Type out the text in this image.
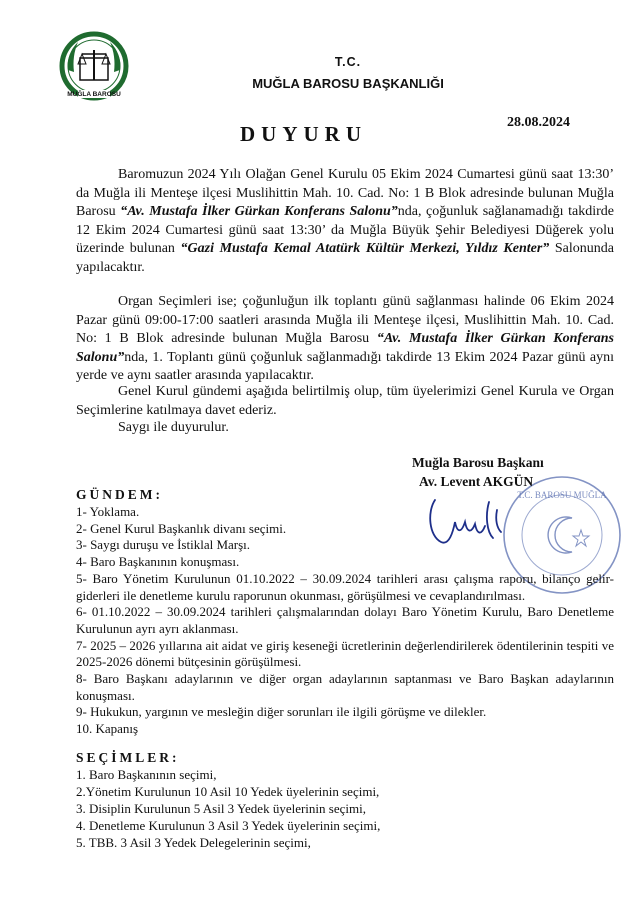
MUĞLA BAROSU
T.C.
MUĞLA BAROSU BAŞKANLIĞI
28.08.2024
DUYURU
Baromuzun 2024 Yılı Olağan Genel Kurulu 05 Ekim 2024 Cumartesi günü saat 13:30’ da Muğla ili Menteşe ilçesi Muslihittin Mah. 10. Cad. No: 1 B Blok adresinde bulunan Muğla Barosu “Av. Mustafa İlker Gürkan Konferans Salonu”nda, çoğunluk sağlanamadığı takdirde 12 Ekim 2024 Cumartesi günü saat 13:30’ da Muğla Büyük Şehir Belediyesi Düğerek yolu üzerinde bulunan “Gazi Mustafa Kemal Atatürk Kültür Merkezi, Yıldız Kenter” Salonunda yapılacaktır.
Organ Seçimleri ise; çoğunluğun ilk toplantı günü sağlanması halinde 06 Ekim 2024 Pazar günü 09:00-17:00 saatleri arasında Muğla ili Menteşe ilçesi, Muslihittin Mah. 10. Cad. No: 1 B Blok adresinde bulunan Muğla Barosu “Av. Mustafa İlker Gürkan Konferans Salonu”nda, 1. Toplantı günü çoğunluk sağlanmadığı takdirde 13 Ekim 2024 Pazar günü aynı yerde ve aynı saatler arasında yapılacaktır.
Genel Kurul gündemi aşağıda belirtilmiş olup, tüm üyelerimizi Genel Kurula ve Organ Seçimlerine katılmaya davet ederiz.
Saygı ile duyurulur.
T.C. BAROSU MUĞLA
Muğla Barosu Başkanı
Av. Levent AKGÜN
GÜNDEM:
1- Yoklama.
2- Genel Kurul Başkanlık divanı seçimi.
3- Saygı duruşu ve İstiklal Marşı.
4- Baro Başkanının konuşması.
5- Baro Yönetim Kurulunun 01.10.2022 – 30.09.2024 tarihleri arası çalışma raporu, bilanço gelir-giderleri ile denetleme kurulu raporunun okunması, görüşülmesi ve cevaplandırılması.
6- 01.10.2022 – 30.09.2024 tarihleri çalışmalarından dolayı Baro Yönetim Kurulu, Baro Denetleme Kurulunun ayrı ayrı aklanması.
7- 2025 – 2026 yıllarına ait aidat ve giriş keseneği ücretlerinin değerlendirilerek ödentilerinin tespiti ve 2025-2026 dönemi bütçesinin görüşülmesi.
8- Baro Başkanı adaylarının ve diğer organ adaylarının saptanması ve Baro Başkan adaylarının konuşması.
9- Hukukun, yargının ve mesleğin diğer sorunları ile ilgili görüşme ve dilekler.
10. Kapanış
SEÇİMLER:
1. Baro Başkanının seçimi,
2.Yönetim Kurulunun 10 Asil 10 Yedek üyelerinin seçimi,
3. Disiplin Kurulunun 5 Asil 3 Yedek üyelerinin seçimi,
4. Denetleme Kurulunun 3 Asil 3 Yedek üyelerinin seçimi,
5. TBB. 3 Asil 3 Yedek Delegelerinin seçimi,
